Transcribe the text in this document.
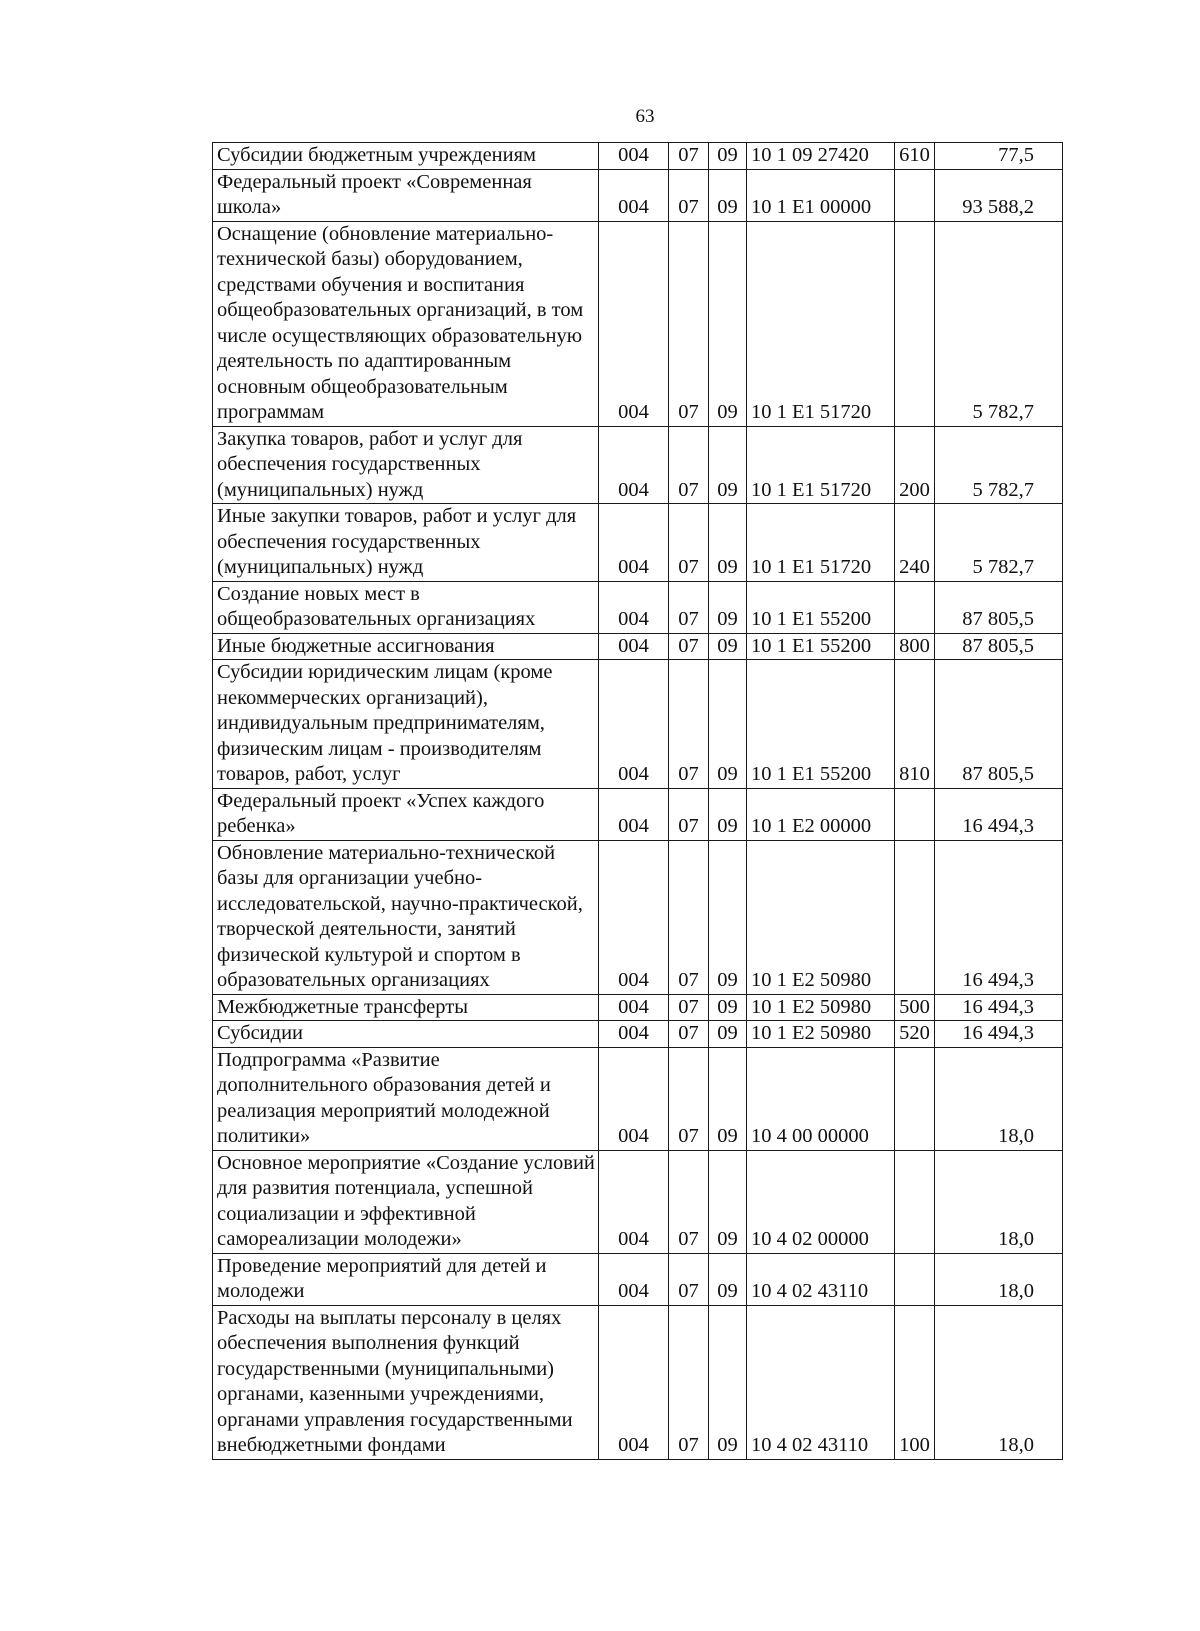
63
Субсидии бюджетным учреждениям	004	07	09	10 1 09 27420	610	77,5
Федеральный проект «Современная школа»	004	07	09	10 1 E1 00000		93 588,2
Оснащение (обновление материально-технической базы) оборудованием, средствами обучения и воспитания общеобразовательных организаций, в том числе осуществляющих образовательную деятельность по адаптированным основным общеобразовательным программам	004	07	09	10 1 E1 51720		5 782,7
Закупка товаров, работ и услуг для обеспечения государственных (муниципальных) нужд	004	07	09	10 1 E1 51720	200	5 782,7
Иные закупки товаров, работ и услуг для обеспечения государственных (муниципальных) нужд	004	07	09	10 1 E1 51720	240	5 782,7
Создание новых мест в общеобразовательных организациях	004	07	09	10 1 E1 55200		87 805,5
Иные бюджетные ассигнования	004	07	09	10 1 E1 55200	800	87 805,5
Субсидии юридическим лицам (кроме некоммерческих организаций), индивидуальным предпринимателям, физическим лицам - производителям товаров, работ, услуг	004	07	09	10 1 E1 55200	810	87 805,5
Федеральный проект «Успех каждого ребенка»	004	07	09	10 1 E2 00000		16 494,3
Обновление материально-технической базы для организации учебно-исследовательской, научно-практической, творческой деятельности, занятий физической культурой и спортом в образовательных организациях	004	07	09	10 1 E2 50980		16 494,3
Межбюджетные трансферты	004	07	09	10 1 E2 50980	500	16 494,3
Субсидии	004	07	09	10 1 E2 50980	520	16 494,3
Подпрограмма «Развитие дополнительного образования детей и реализация мероприятий молодежной политики»	004	07	09	10 4 00 00000		18,0
Основное мероприятие «Создание условий для развития потенциала, успешной социализации и эффективной самореализации молодежи»	004	07	09	10 4 02 00000		18,0
Проведение мероприятий для детей и молодежи	004	07	09	10 4 02 43110		18,0
Расходы на выплаты персоналу в целях обеспечения выполнения функций государственными (муниципальными) органами, казенными учреждениями, органами управления государственными внебюджетными фондами	004	07	09	10 4 02 43110	100	18,0
